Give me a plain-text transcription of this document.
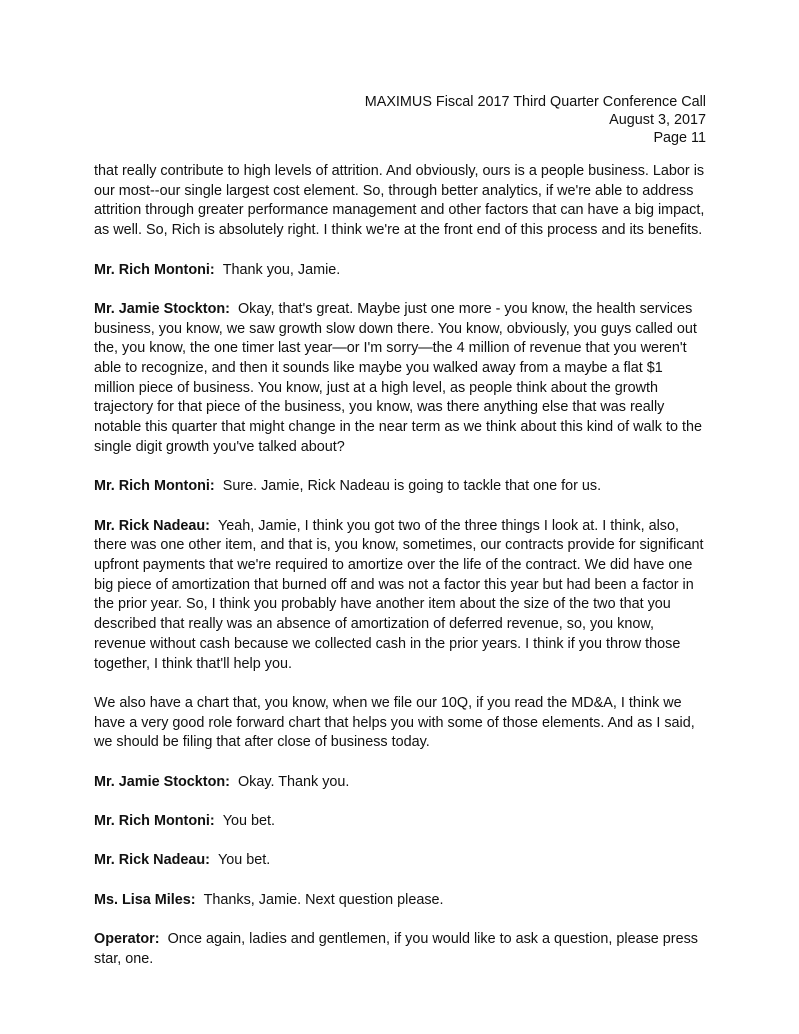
MAXIMUS Fiscal 2017 Third Quarter Conference Call
August 3, 2017
Page 11
that really contribute to high levels of attrition. And obviously, ours is a people business. Labor is
our most--our single largest cost element. So, through better analytics, if we're able to address
attrition through greater performance management and other factors that can have a big impact,
as well. So, Rich is absolutely right. I think we're at the front end of this process and its benefits.
Mr. Rich Montoni: Thank you, Jamie.
Mr. Jamie Stockton: Okay, that's great. Maybe just one more - you know, the health services
business, you know, we saw growth slow down there. You know, obviously, you guys called out
the, you know, the one timer last year—or I'm sorry—the 4 million of revenue that you weren't
able to recognize, and then it sounds like maybe you walked away from a maybe a flat $1
million piece of business. You know, just at a high level, as people think about the growth
trajectory for that piece of the business, you know, was there anything else that was really
notable this quarter that might change in the near term as we think about this kind of walk to the
single digit growth you've talked about?
Mr. Rich Montoni: Sure. Jamie, Rick Nadeau is going to tackle that one for us.
Mr. Rick Nadeau: Yeah, Jamie, I think you got two of the three things I look at. I think, also,
there was one other item, and that is, you know, sometimes, our contracts provide for significant
upfront payments that we're required to amortize over the life of the contract. We did have one
big piece of amortization that burned off and was not a factor this year but had been a factor in
the prior year. So, I think you probably have another item about the size of the two that you
described that really was an absence of amortization of deferred revenue, so, you know,
revenue without cash because we collected cash in the prior years. I think if you throw those
together, I think that'll help you.
We also have a chart that, you know, when we file our 10Q, if you read the MD&A, I think we
have a very good role forward chart that helps you with some of those elements. And as I said,
we should be filing that after close of business today.
Mr. Jamie Stockton: Okay. Thank you.
Mr. Rich Montoni: You bet.
Mr. Rick Nadeau: You bet.
Ms. Lisa Miles: Thanks, Jamie. Next question please.
Operator: Once again, ladies and gentlemen, if you would like to ask a question, please press
star, one.
